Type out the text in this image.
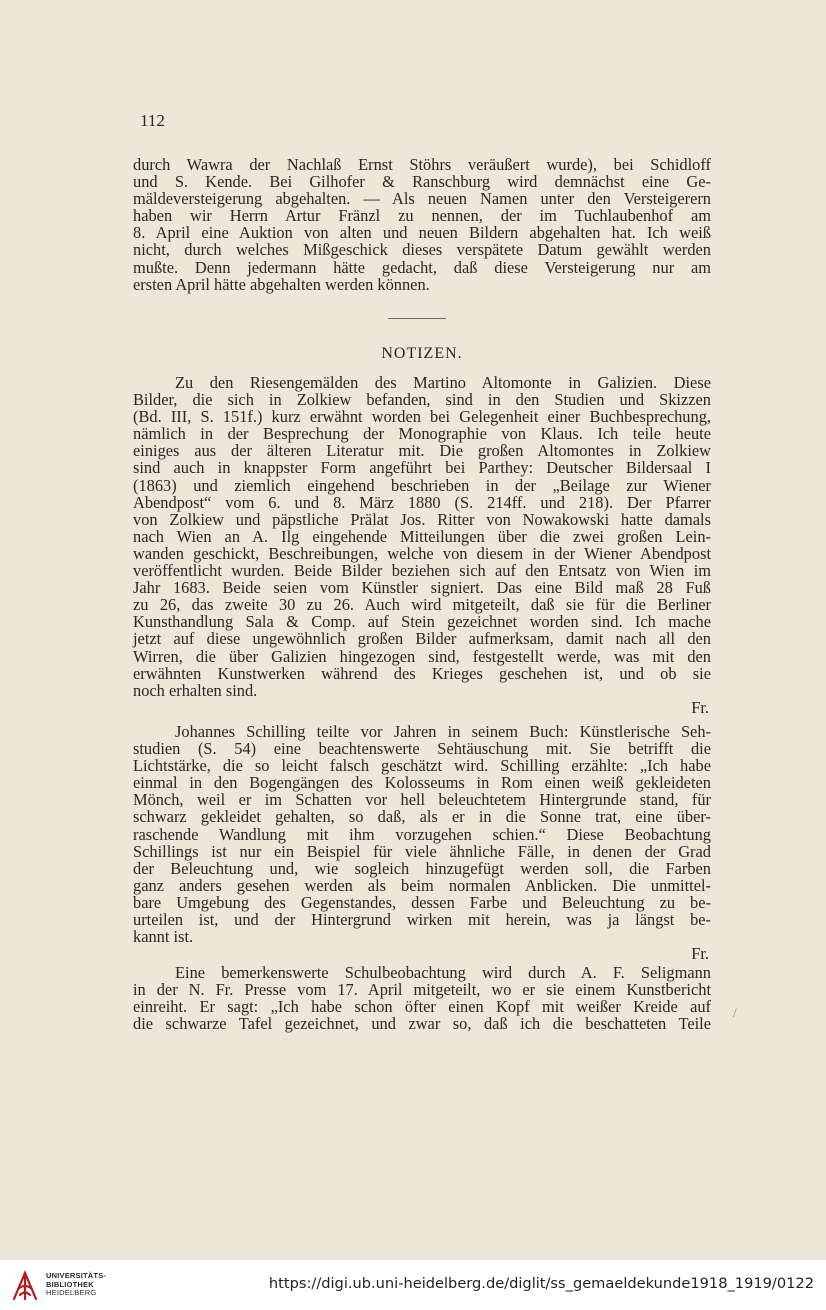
112
durch Wawra der Nachlaß Ernst Stöhrs veräußert wurde), bei Schidloff
und S. Kende. Bei Gilhofer & Ranschburg wird demnächst eine Ge-
mäldeversteigerung abgehalten. — Als neuen Namen unter den Versteigerern
haben wir Herrn Artur Fränzl zu nennen, der im Tuchlaubenhof am
8. April eine Auktion von alten und neuen Bildern abgehalten hat. Ich weiß
nicht, durch welches Mißgeschick dieses verspätete Datum gewählt werden
mußte. Denn jedermann hätte gedacht, daß diese Versteigerung nur am
ersten April hätte abgehalten werden können.
NOTIZEN.
Zu den Riesengemälden des Martino Altomonte in Galizien. Diese
Bilder, die sich in Zolkiew befanden, sind in den Studien und Skizzen
(Bd. III, S. 151f.) kurz erwähnt worden bei Gelegenheit einer Buchbesprechung,
nämlich in der Besprechung der Monographie von Klaus. Ich teile heute
einiges aus der älteren Literatur mit. Die großen Altomontes in Zolkiew
sind auch in knappster Form angeführt bei Parthey: Deutscher Bildersaal I
(1863) und ziemlich eingehend beschrieben in der „Beilage zur Wiener
Abendpost“ vom 6. und 8. März 1880 (S. 214ff. und 218). Der Pfarrer
von Zolkiew und päpstliche Prälat Jos. Ritter von Nowakowski hatte damals
nach Wien an A. Ilg eingehende Mitteilungen über die zwei großen Lein-
wanden geschickt, Beschreibungen, welche von diesem in der Wiener Abendpost
veröffentlicht wurden. Beide Bilder beziehen sich auf den Entsatz von Wien im
Jahr 1683. Beide seien vom Künstler signiert. Das eine Bild maß 28 Fuß
zu 26, das zweite 30 zu 26. Auch wird mitgeteilt, daß sie für die Berliner
Kunsthandlung Sala & Comp. auf Stein gezeichnet worden sind. Ich mache
jetzt auf diese ungewöhnlich großen Bilder aufmerksam, damit nach all den
Wirren, die über Galizien hingezogen sind, festgestellt werde, was mit den
erwähnten Kunstwerken während des Krieges geschehen ist, und ob sie
noch erhalten sind.
Fr.
Johannes Schilling teilte vor Jahren in seinem Buch: Künstlerische Seh-
studien (S. 54) eine beachtenswerte Sehtäuschung mit. Sie betrifft die
Lichtstärke, die so leicht falsch geschätzt wird. Schilling erzählte: „Ich habe
einmal in den Bogengängen des Kolosseums in Rom einen weiß gekleideten
Mönch, weil er im Schatten vor hell beleuchtetem Hintergrunde stand, für
schwarz gekleidet gehalten, so daß, als er in die Sonne trat, eine über-
raschende Wandlung mit ihm vorzugehen schien.“ Diese Beobachtung
Schillings ist nur ein Beispiel für viele ähnliche Fälle, in denen der Grad
der Beleuchtung und, wie sogleich hinzugefügt werden soll, die Farben
ganz anders gesehen werden als beim normalen Anblicken. Die unmittel-
bare Umgebung des Gegenstandes, dessen Farbe und Beleuchtung zu be-
urteilen ist, und der Hintergrund wirken mit herein, was ja längst be-
kannt ist.
Fr.
Eine bemerkenswerte Schulbeobachtung wird durch A. F. Seligmann
in der N. Fr. Presse vom 17. April mitgeteilt, wo er sie einem Kunstbericht
einreiht. Er sagt: „Ich habe schon öfter einen Kopf mit weißer Kreide auf
die schwarze Tafel gezeichnet, und zwar so, daß ich die beschatteten Teile
/
UNIVERSITÄTS-
BIBLIOTHEK
HEIDELBERG
https://digi.ub.uni-heidelberg.de/diglit/ss_gemaeldekunde1918_1919/0122
